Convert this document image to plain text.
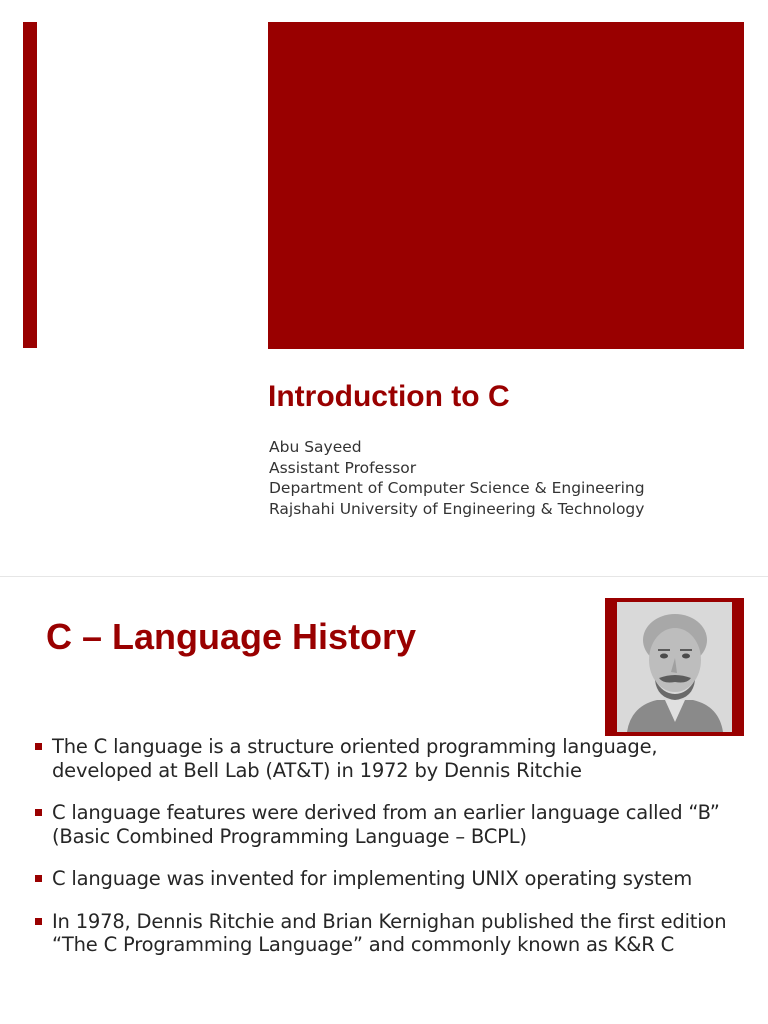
Introduction to C
Abu Sayeed
Assistant Professor
Department of Computer Science & Engineering
Rajshahi University of Engineering & Technology
C – Language History
The C language is a structure oriented programming language, developed at Bell Lab (AT&T) in 1972 by Dennis Ritchie
C language features were derived from an earlier language called “B” (Basic Combined Programming Language – BCPL)
C language was invented for implementing UNIX operating system
In 1978, Dennis Ritchie and Brian Kernighan published the first edition “The C Programming Language” and commonly known as K&R C
